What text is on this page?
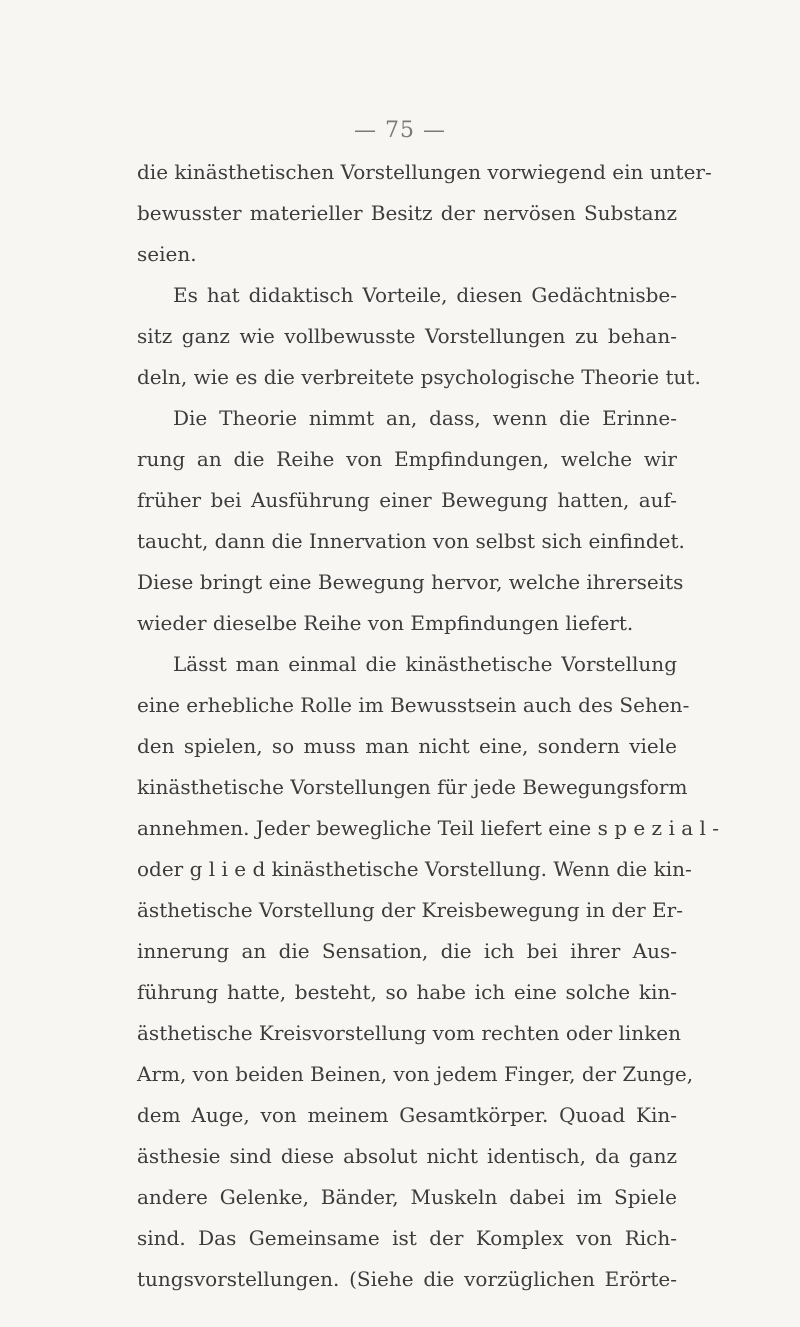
— 75 —
die kinästhetischen Vorstellungen vorwiegend ein unter-
bewusster materieller Besitz der nervösen Substanz
seien.
Es hat didaktisch Vorteile, diesen Gedächtnisbe-
sitz ganz wie vollbewusste Vorstellungen zu behan-
deln, wie es die verbreitete psychologische Theorie tut.
Die Theorie nimmt an, dass, wenn die Erinne-
rung an die Reihe von Empfindungen, welche wir
früher bei Ausführung einer Bewegung hatten, auf-
taucht, dann die Innervation von selbst sich einfindet.
Diese bringt eine Bewegung hervor, welche ihrerseits
wieder dieselbe Reihe von Empfindungen liefert.
Lässt man einmal die kinästhetische Vorstellung
eine erhebliche Rolle im Bewusstsein auch des Sehen-
den spielen, so muss man nicht eine, sondern viele
kinästhetische Vorstellungen für jede Bewegungsform
annehmen. Jeder bewegliche Teil liefert eine s p e z i a l -
oder g l i e d kinästhetische Vorstellung. Wenn die kin-
ästhetische Vorstellung der Kreisbewegung in der Er-
innerung an die Sensation, die ich bei ihrer Aus-
führung hatte, besteht, so habe ich eine solche kin-
ästhetische Kreisvorstellung vom rechten oder linken
Arm, von beiden Beinen, von jedem Finger, der Zunge,
dem Auge, von meinem Gesamtkörper. Quoad Kin-
ästhesie sind diese absolut nicht identisch, da ganz
andere Gelenke, Bänder, Muskeln dabei im Spiele
sind. Das Gemeinsame ist der Komplex von Rich-
tungsvorstellungen. (Siehe die vorzüglichen Erörte-
